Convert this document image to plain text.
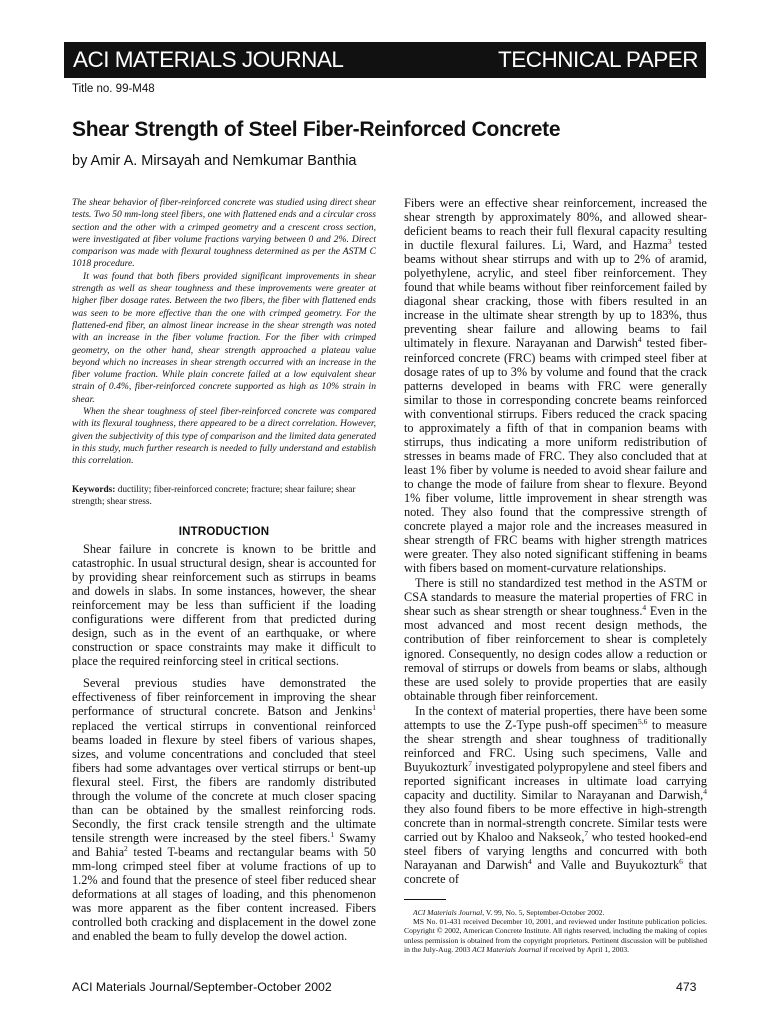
ACI MATERIALS JOURNAL	TECHNICAL PAPER
Title no. 99-M48
Shear Strength of Steel Fiber-Reinforced Concrete
by Amir A. Mirsayah and Nemkumar Banthia

The shear behavior of fiber-reinforced concrete was studied using direct shear tests. Two 50 mm-long steel fibers, one with flattened ends and a circular cross section and the other with a crimped geometry and a crescent cross section, were investigated at fiber volume fractions varying between 0 and 2%. Direct comparison was made with flexural toughness determined as per the ASTM C 1018 procedure.

It was found that both fibers provided significant improvements in shear strength as well as shear toughness and these improvements were greater at higher fiber dosage rates. Between the two fibers, the fiber with flattened ends was seen to be more effective than the one with crimped geometry. For the flattened-end fiber, an almost linear increase in the shear strength was noted with an increase in the fiber volume fraction. For the fiber with crimped geometry, on the other hand, shear strength approached a plateau value beyond which no increases in shear strength occurred with an increase in the fiber volume fraction. While plain concrete failed at a low equivalent shear strain of 0.4%, fiber-reinforced concrete supported as high as 10% strain in shear.

When the shear toughness of steel fiber-reinforced concrete was compared with its flexural toughness, there appeared to be a direct correlation. However, given the subjectivity of this type of comparison and the limited data generated in this study, much further research is needed to fully understand and establish this correlation.

Keywords: ductility; fiber-reinforced concrete; fracture; shear failure; shear strength; shear stress.

INTRODUCTION

Shear failure in concrete is known to be brittle and catastrophic. In usual structural design, shear is accounted for by providing shear reinforcement such as stirrups in beams and dowels in slabs. In some instances, however, the shear reinforcement may be less than sufficient if the loading configurations were different from that predicted during design, such as in the event of an earthquake, or where construction or space constraints may make it difficult to place the required reinforcing steel in critical sections.

Several previous studies have demonstrated the effectiveness of fiber reinforcement in improving the shear performance of structural concrete. Batson and Jenkins$^1$ replaced the vertical stirrups in conventional reinforced beams loaded in flexure by steel fibers of various shapes, sizes, and volume concentrations and concluded that steel fibers had some advantages over vertical stirrups or bent-up flexural steel. First, the fibers are randomly distributed through the volume of the concrete at much closer spacing than can be obtained by the smallest reinforcing rods. Secondly, the first crack tensile strength and the ultimate tensile strength were increased by the steel fibers.$^1$ Swamy and Bahia$^2$ tested T-beams and rectangular beams with 50 mm-long crimped steel fiber at volume fractions of up to 1.2% and found that the presence of steel fiber reduced shear deformations at all stages of loading, and this phenomenon was more apparent as the fiber content increased. Fibers controlled both cracking and displacement in the dowel zone and enabled the beam to fully develop the dowel action.

Fibers were an effective shear reinforcement, increased the shear strength by approximately 80%, and allowed shear-deficient beams to reach their full flexural capacity resulting in ductile flexural failures. Li, Ward, and Hazma$^3$ tested beams without shear stirrups and with up to 2% of aramid, polyethylene, acrylic, and steel fiber reinforcement. They found that while beams without fiber reinforcement failed by diagonal shear cracking, those with fibers resulted in an increase in the ultimate shear strength by up to 183%, thus preventing shear failure and allowing beams to fail ultimately in flexure. Narayanan and Darwish$^4$ tested fiber-reinforced concrete (FRC) beams with crimped steel fiber at dosage rates of up to 3% by volume and found that the crack patterns developed in beams with FRC were generally similar to those in corresponding concrete beams reinforced with conventional stirrups. Fibers reduced the crack spacing to approximately a fifth of that in companion beams with stirrups, thus indicating a more uniform redistribution of stresses in beams made of FRC. They also concluded that at least 1% fiber by volume is needed to avoid shear failure and to change the mode of failure from shear to flexure. Beyond 1% fiber volume, little improvement in shear strength was noted. They also found that the compressive strength of concrete played a major role and the increases measured in shear strength of FRC beams with higher strength matrices were greater. They also noted significant stiffening in beams with fibers based on moment-curvature relationships.

There is still no standardized test method in the ASTM or CSA standards to measure the material properties of FRC in shear such as shear strength or shear toughness.$^4$ Even in the most advanced and most recent design methods, the contribution of fiber reinforcement to shear is completely ignored. Consequently, no design codes allow a reduction or removal of stirrups or dowels from beams or slabs, although these are used solely to provide properties that are easily obtainable through fiber reinforcement.

In the context of material properties, there have been some attempts to use the Z-Type push-off specimen$^{5,6}$ to measure the shear strength and shear toughness of traditionally reinforced and FRC. Using such specimens, Valle and Buyukozturk$^7$ investigated polypropylene and steel fibers and reported significant increases in ultimate load carrying capacity and ductility. Similar to Narayanan and Darwish,$^4$ they also found fibers to be more effective in high-strength concrete than in normal-strength concrete. Similar tests were carried out by Khaloo and Nakseok,$^7$ who tested hooked-end steel fibers of varying lengths and concurred with both Narayanan and Darwish$^4$ and Valle and Buyukozturk$^6$ that concrete of

ACI Materials Journal, V. 99, No. 5, September-October 2002.

MS No. 01-431 received December 10, 2001, and reviewed under Institute publication policies. Copyright © 2002, American Concrete Institute. All rights reserved, including the making of copies unless permission is obtained from the copyright proprietors. Pertinent discussion will be published in the July-Aug. 2003 ACI Materials Journal if received by April 1, 2003.

ACI Materials Journal/September-October 2002	473
